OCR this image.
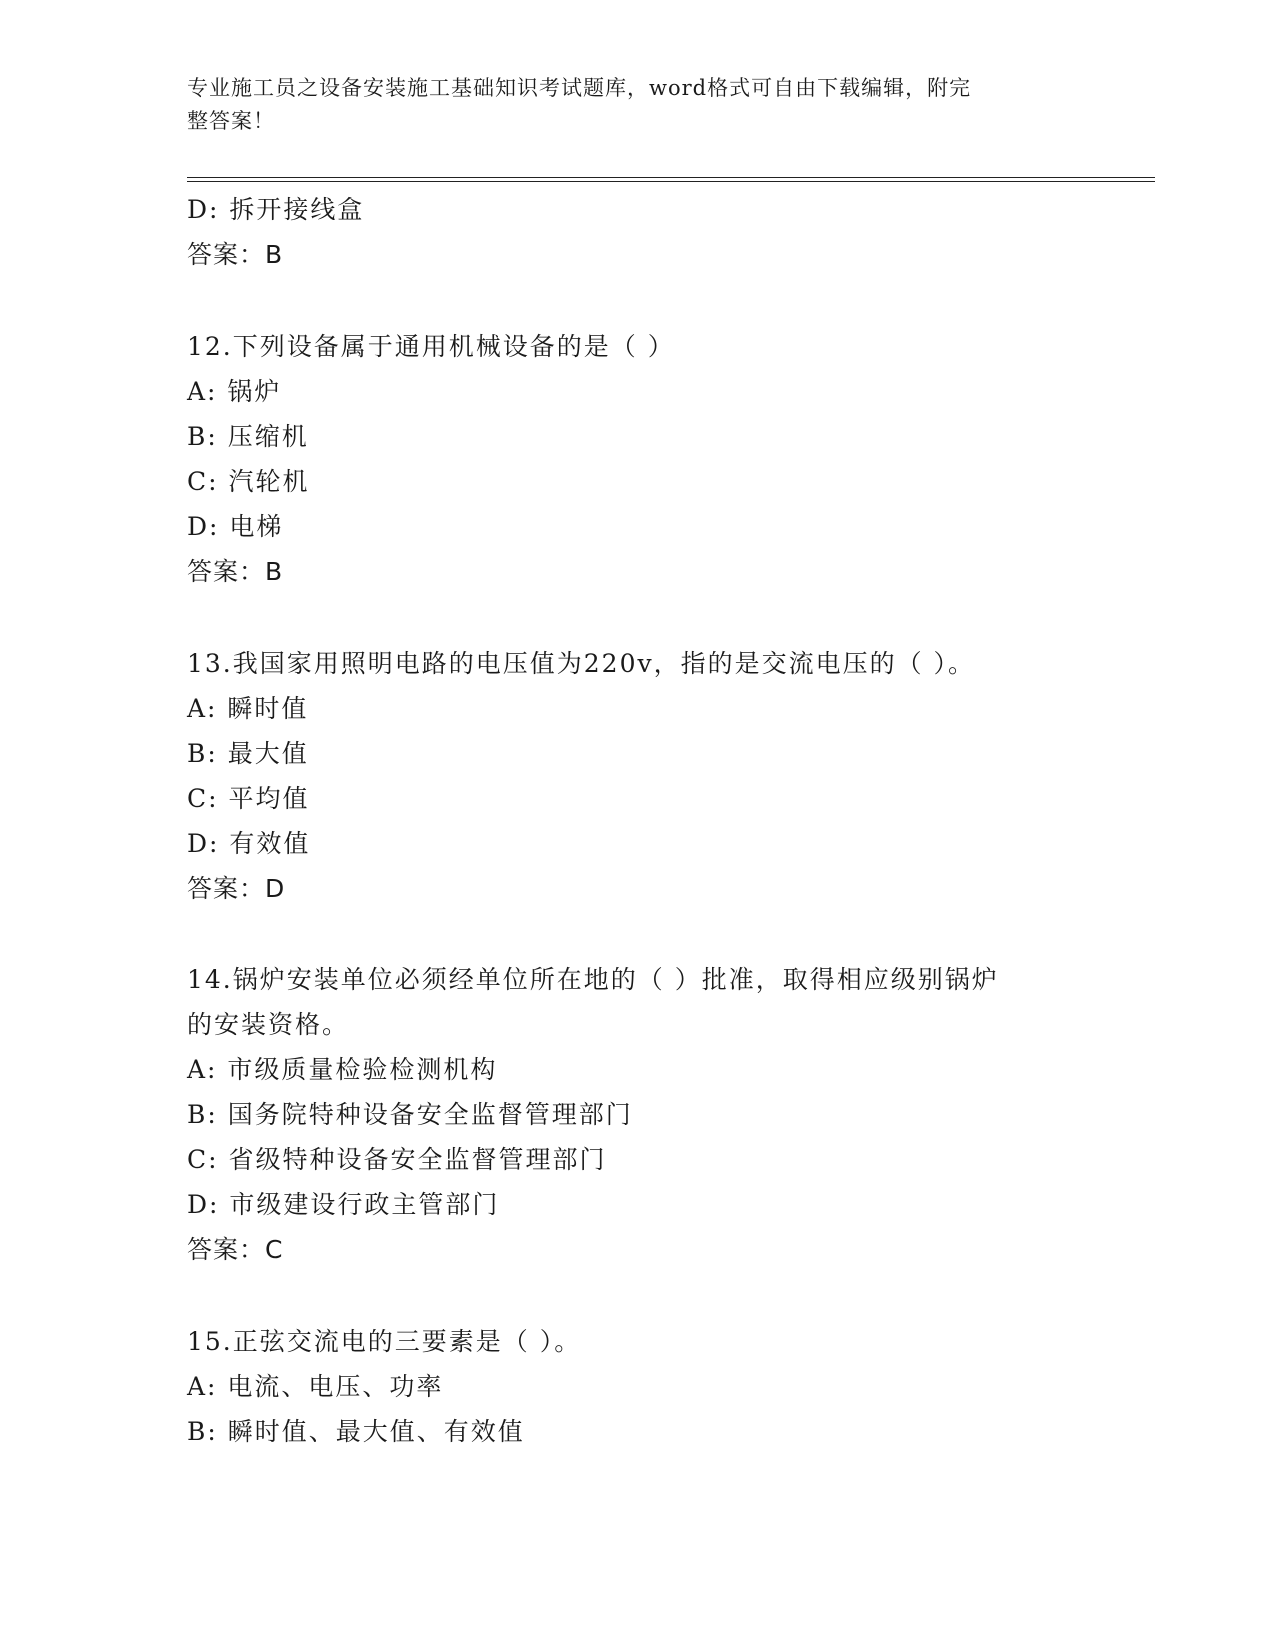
专业施工员之设备安装施工基础知识考试题库，word格式可自由下载编辑，附完
整答案！
D: 拆开接线盒
答案：B
12.下列设备属于通用机械设备的是（ ）
A: 锅炉
B: 压缩机
C: 汽轮机
D: 电梯
答案：B
13.我国家用照明电路的电压值为220v，指的是交流电压的（ ）。
A: 瞬时值
B: 最大值
C: 平均值
D: 有效值
答案：D
14.锅炉安装单位必须经单位所在地的（ ）批准，取得相应级别锅炉
的安装资格。
A: 市级质量检验检测机构
B: 国务院特种设备安全监督管理部门
C: 省级特种设备安全监督管理部门
D: 市级建设行政主管部门
答案：C
15.正弦交流电的三要素是（ ）。
A: 电流、电压、功率
B: 瞬时值、最大值、有效值
